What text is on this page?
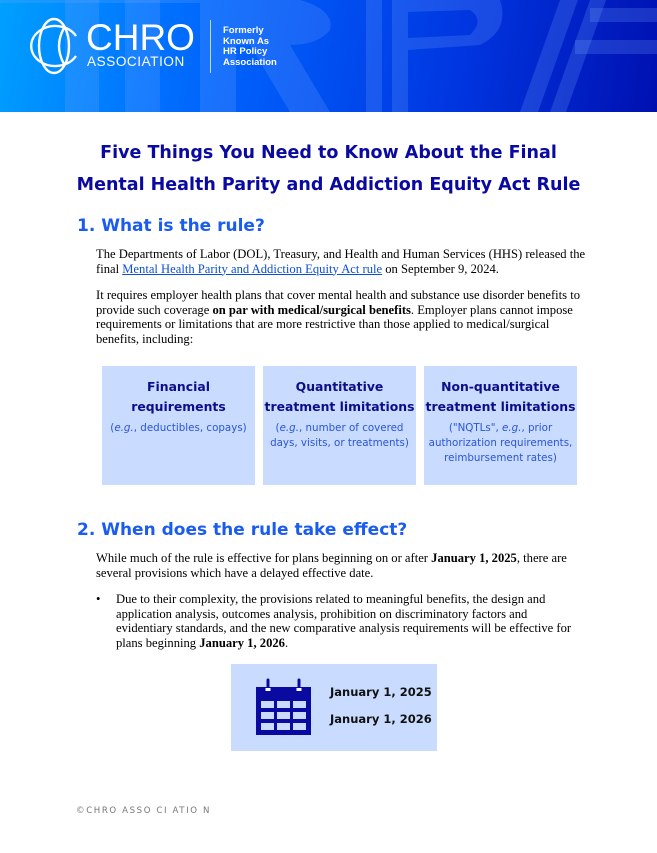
CHRO
ASSOCIATION
Formerly
Known As
HR Policy
Association
Five Things You Need to Know About the Final
Mental Health Parity and Addiction Equity Act Rule
1. What is the rule?

The Departments of Labor (DOL), Treasury, and Health and Human Services (HHS) released the final Mental Health Parity and Addiction Equity Act rule on September 9, 2024.

It requires employer health plans that cover mental health and substance use disorder benefits to provide such coverage on par with medical/surgical benefits. Employer plans cannot impose requirements or limitations that are more restrictive than those applied to medical/surgical benefits, including:

Financial requirements
(e.g., deductibles, copays)
Quantitative treatment limitations
(e.g., number of covered days, visits, or treatments)
Non-quantitative treatment limitations
("NQTLs", e.g., prior authorization requirements, reimbursement rates)
2. When does the rule take effect?

While much of the rule is effective for plans beginning on or after January 1, 2025, there are several provisions which have a delayed effective date.

• Due to their complexity, the provisions related to meaningful benefits, the design and application analysis, outcomes analysis, prohibition on discriminatory factors and evidentiary standards, and the new comparative analysis requirements will be effective for plans beginning January 1, 2026.

January 1, 2025
January 1, 2026
©CHRO ASSO CI ATIO N
